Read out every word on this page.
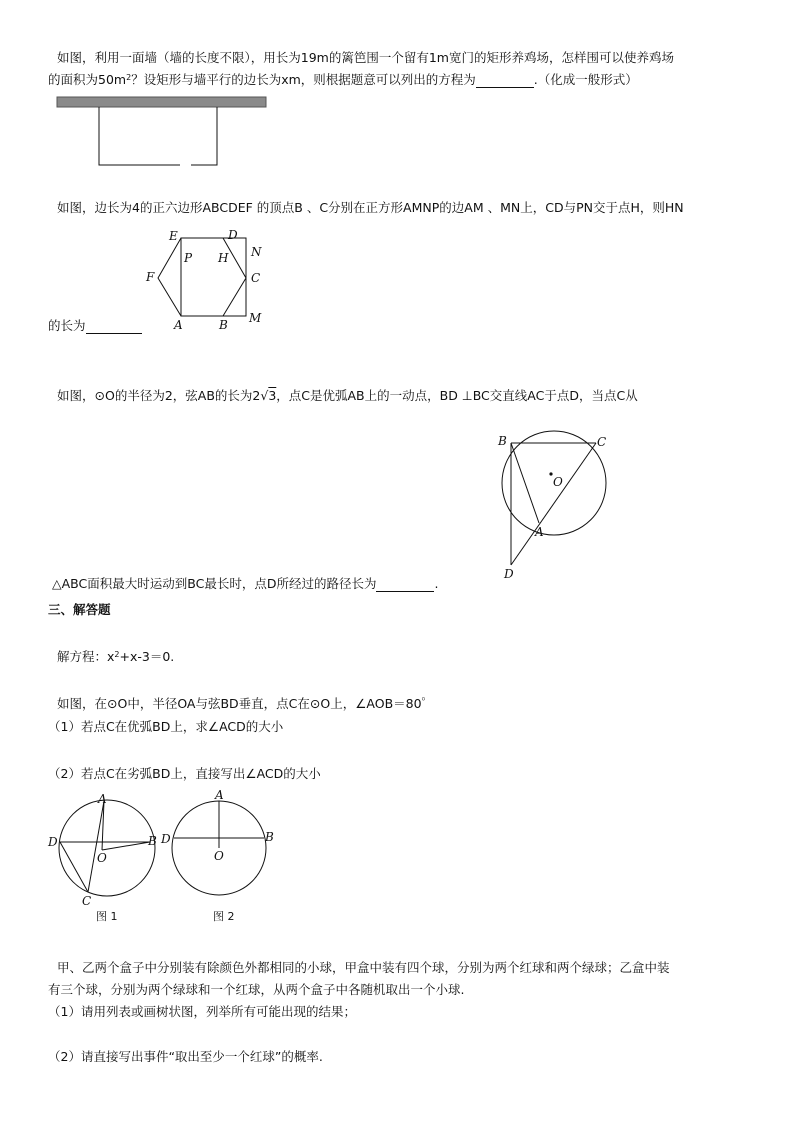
如图，利用一面墙（墙的长度不限），用长为19m的篱笆围一个留有1m宽门的矩形养鸡场，怎样围可以使养鸡场
的面积为$50m^2$？设矩形与墙平行的边长为xm，则根据题意可以列出的方程为	.（化成一般形式）
如图，边长为4的正六边形ABCDEF 的顶点B 、C分别在正方形AMNP的边AM 、MN上，CD与PN交于点H，则HN
的长为
E	D
N
F
P H
C
A	B M
如图，⊙O的半径为2，弦AB的长为2√3，点C是优弧AB上的一动点，BD ⊥BC交直线AC于点D，当点C从
△ABC面积最大时运动到BC最长时，点D所经过的路径长为	.
B	C
O
A
D
三、解答题
解方程：$x^2+x-3=0$.
如图，在⊙O中，半径OA与弦BD垂直，点C在⊙O上，∠AOB＝80゜
（1）若点C在优弧BD上，求∠ACD的大小
（2）若点C在劣弧BD上，直接写出∠ACD的大小
A
D	B
O
C
图 1
A
D	B
O
图 2
甲、乙两个盒子中分别装有除颜色外都相同的小球，甲盒中装有四个球，分别为两个红球和两个绿球；乙盒中装
有三个球，分别为两个绿球和一个红球，从两个盒子中各随机取出一个小球.
（1）请用列表或画树状图，列举所有可能出现的结果；
（2）请直接写出事件“取出至少一个红球”的概率.
